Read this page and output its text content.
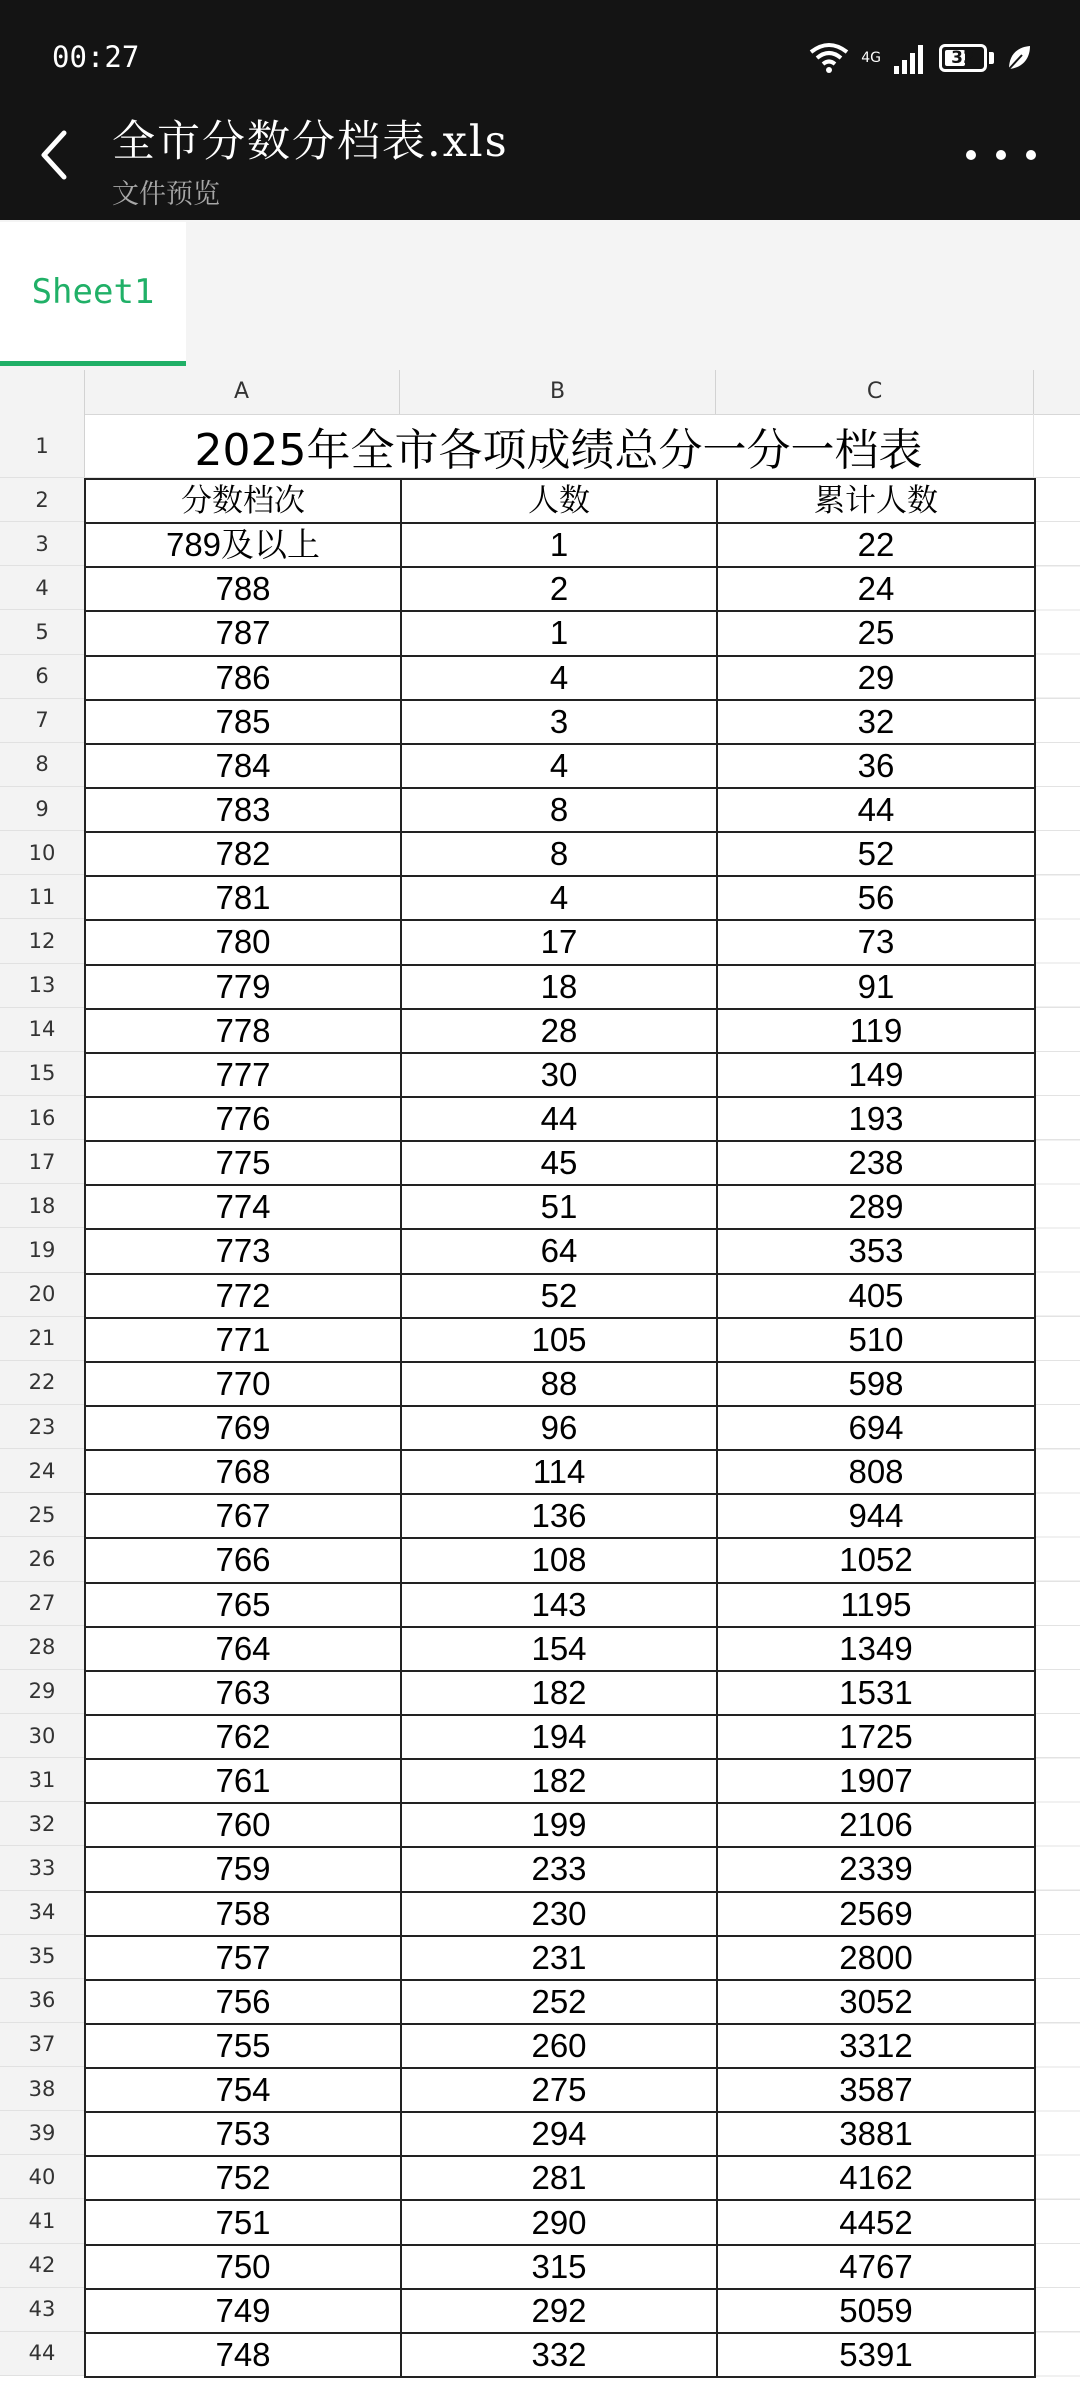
00:27	4G	32
全市分数分档表.xls
文件预览
Sheet1
A	B	C
1
2
3
4
5
6
7
8
9
10
11
12
13
14
15
16
17
18
19
20
21
22
23
24
25
26
27
28
29
30
31
32
33
34
35
36
37
38
39
40
41
42
43
44
2025年全市各项成绩总分一分一档表
分数档次	人数	累计人数
789及以上	1	22
788	2	24
787	1	25
786	4	29
785	3	32
784	4	36
783	8	44
782	8	52
781	4	56
780	17	73
779	18	91
778	28	119
777	30	149
776	44	193
775	45	238
774	51	289
773	64	353
772	52	405
771	105	510
770	88	598
769	96	694
768	114	808
767	136	944
766	108	1052
765	143	1195
764	154	1349
763	182	1531
762	194	1725
761	182	1907
760	199	2106
759	233	2339
758	230	2569
757	231	2800
756	252	3052
755	260	3312
754	275	3587
753	294	3881
752	281	4162
751	290	4452
750	315	4767
749	292	5059
748	332	5391
